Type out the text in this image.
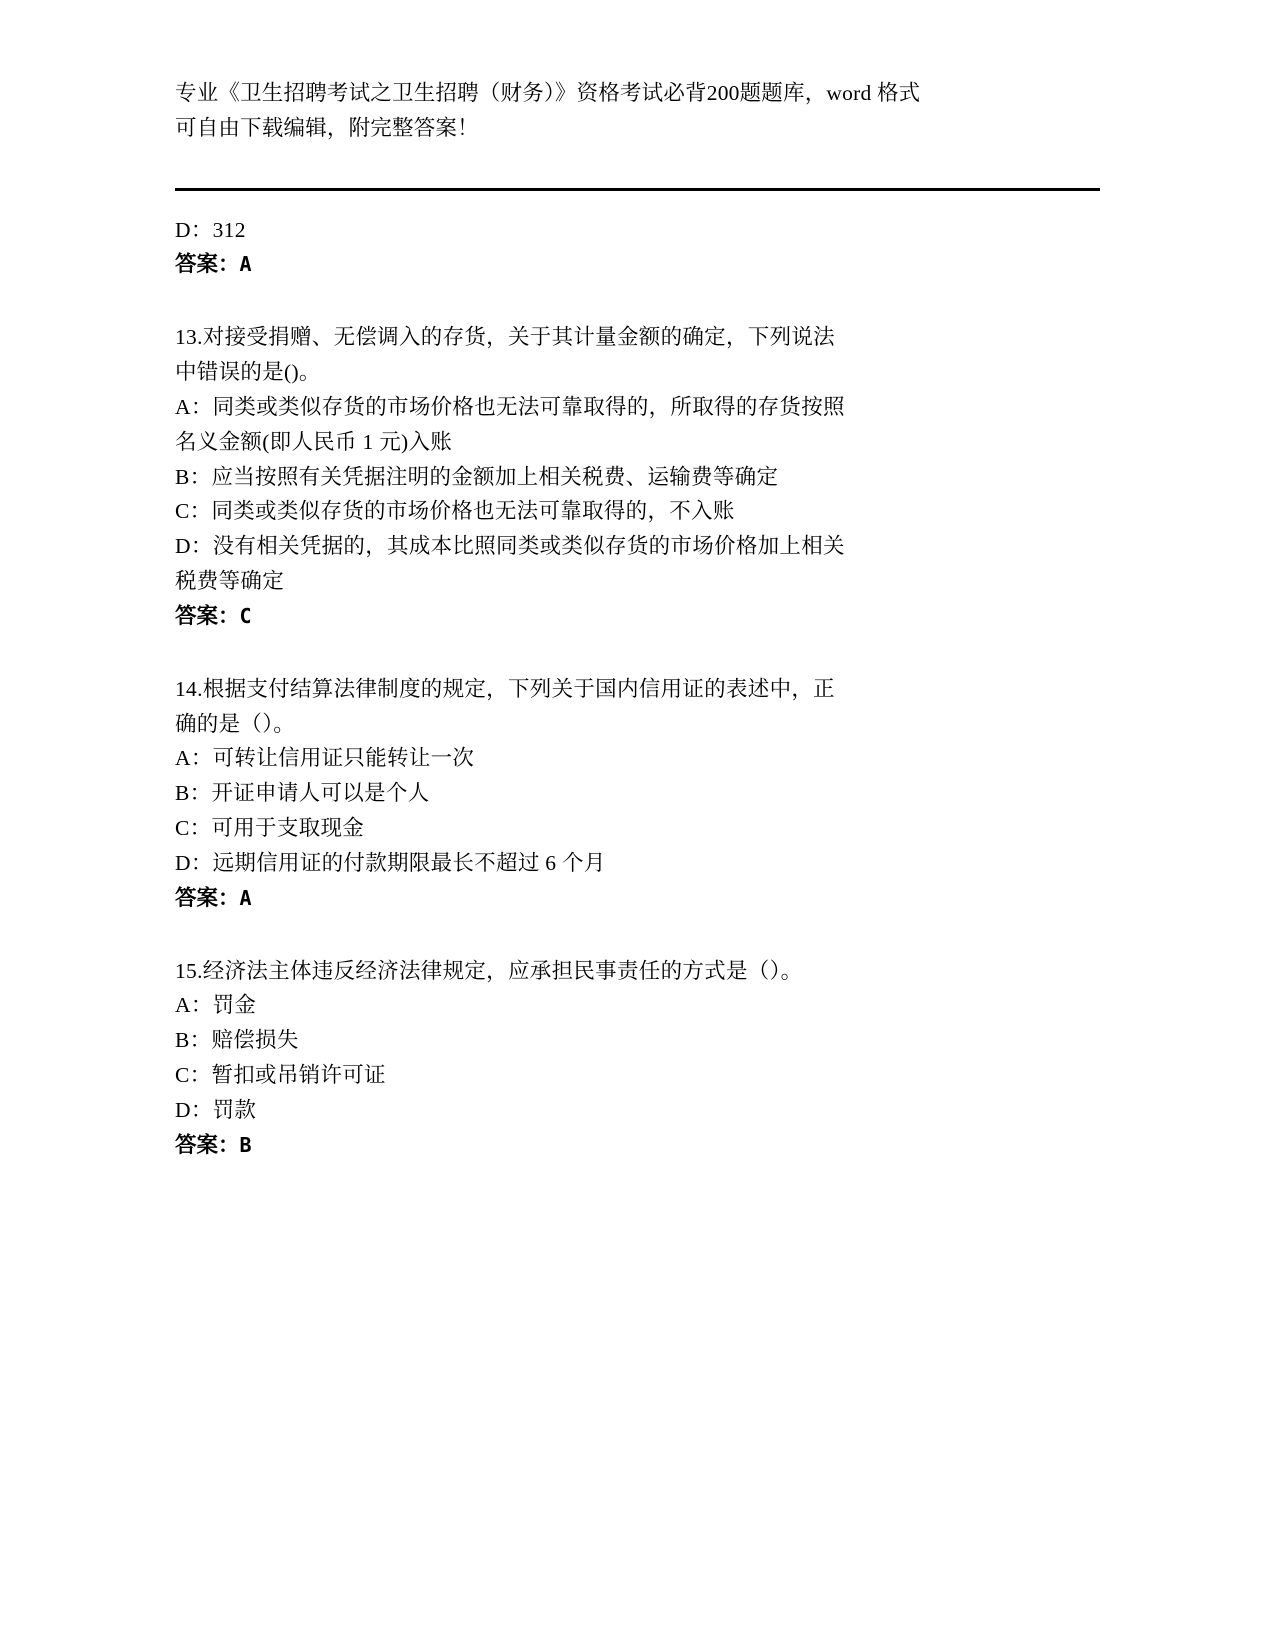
专业《卫生招聘考试之卫生招聘（财务）》资格考试必背200题题库，word 格式
可自由下载编辑，附完整答案！

D：312

答案：A

13.对接受捐赠、无偿调入的存货，关于其计量金额的确定，下列说法

中错误的是()。

A：同类或类似存货的市场价格也无法可靠取得的，所取得的存货按照

名义金额(即人民币 1 元)入账

B：应当按照有关凭据注明的金额加上相关税费、运输费等确定

C：同类或类似存货的市场价格也无法可靠取得的，不入账

D：没有相关凭据的，其成本比照同类或类似存货的市场价格加上相关

税费等确定

答案：C

14.根据支付结算法律制度的规定，下列关于国内信用证的表述中，正

确的是（）。

A：可转让信用证只能转让一次

B：开证申请人可以是个人

C：可用于支取现金

D：远期信用证的付款期限最长不超过 6 个月

答案：A

15.经济法主体违反经济法律规定，应承担民事责任的方式是（）。

A：罚金

B：赔偿损失

C：暂扣或吊销许可证

D：罚款

答案：B
